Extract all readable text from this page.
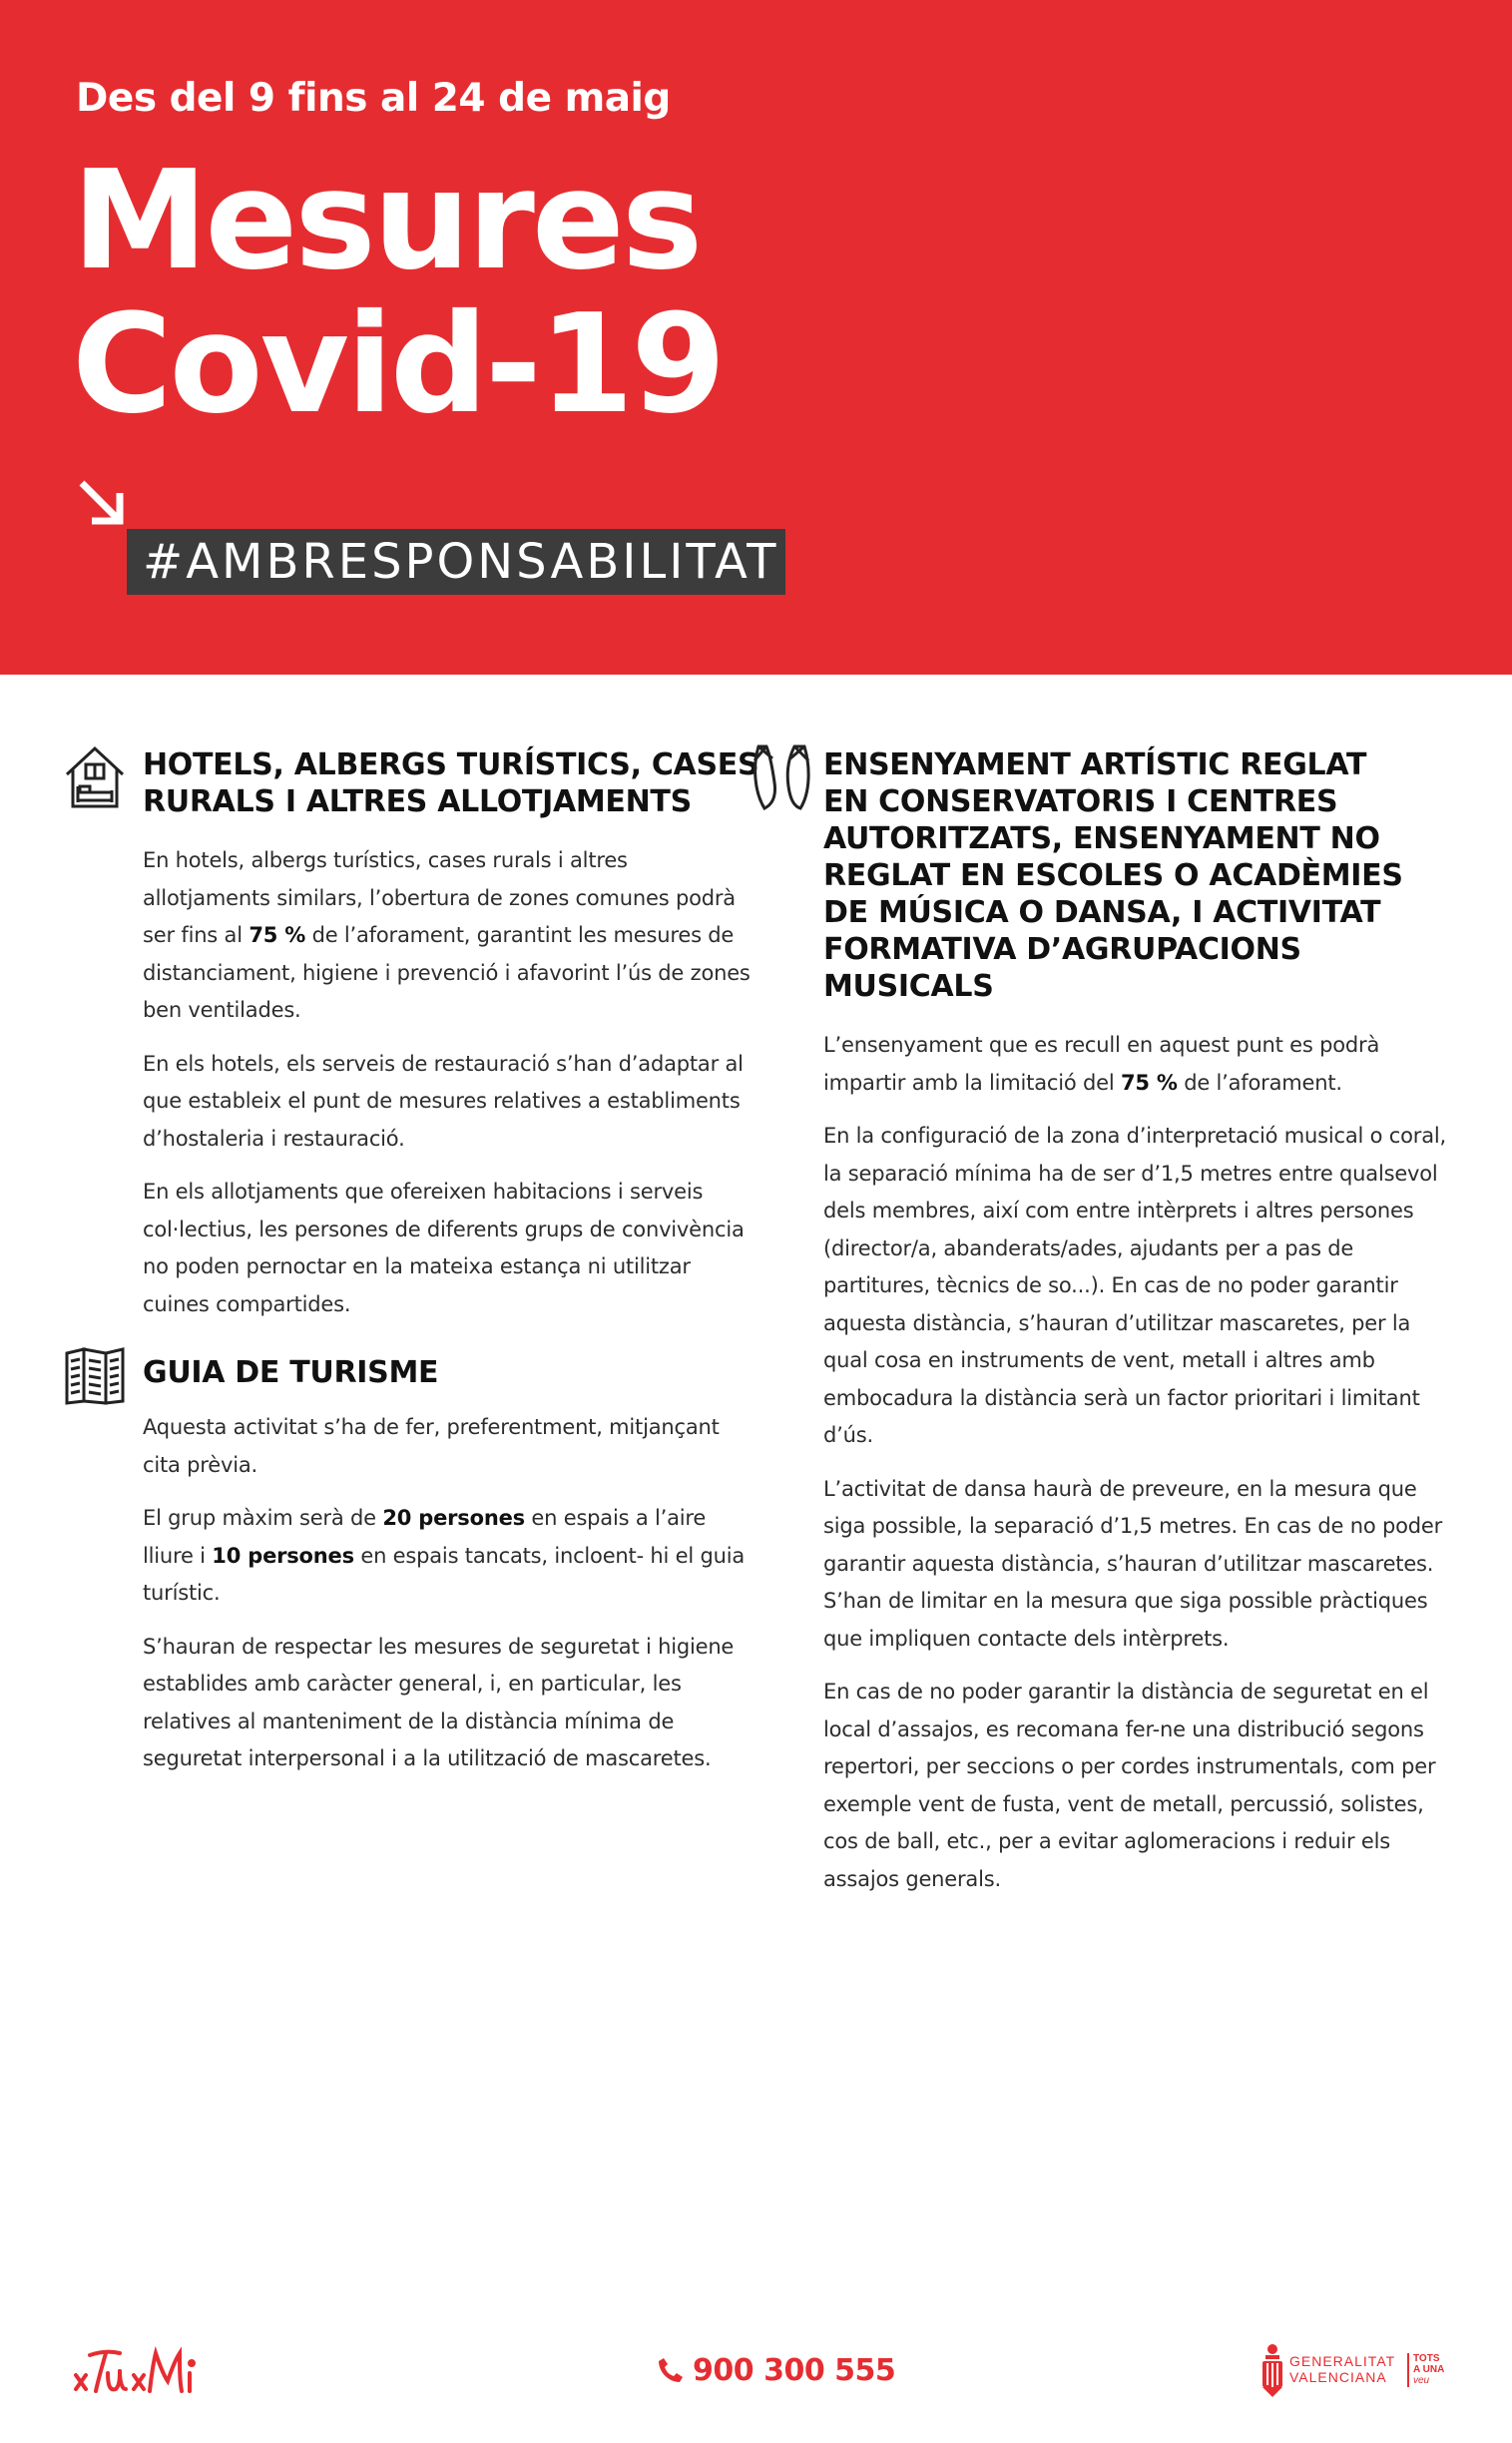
Des del 9 fins al 24 de maig
Mesures
Covid-19
#AMBRESPONSABILITAT
HOTELS, ALBERGS TURÍSTICS, CASES
RURALS I ALTRES ALLOTJAMENTS

En hotels, albergs turístics, cases rurals i altres allotjaments similars, l’obertura de zones comunes podrà ser fins al 75 % de l’aforament, garantint les mesures de distanciament, higiene i prevenció i afavorint l’ús de zones ben ventilades.

En els hotels, els serveis de restauració s’han d’adaptar al que estableix el punt de mesures relatives a establiments d’hostaleria i restauració.

En els allotjaments que ofereixen habitacions i serveis col·lectius, les persones de diferents grups de convivència no poden pernoctar en la mateixa estança ni utilitzar cuines compartides.

GUIA DE TURISME

Aquesta activitat s’ha de fer, preferentment, mitjançant cita prèvia.

El grup màxim serà de 20 persones en espais a l’aire lliure i 10 persones en espais tancats, incloent- hi el guia turístic.

S’hauran de respectar les mesures de seguretat i higiene establides amb caràcter general, i, en particular, les relatives al manteniment de la distància mínima de seguretat interpersonal i a la utilització de mascaretes.

ENSENYAMENT ARTÍSTIC REGLAT
EN CONSERVATORIS I CENTRES
AUTORITZATS, ENSENYAMENT NO
REGLAT EN ESCOLES O ACADÈMIES
DE MÚSICA O DANSA, I ACTIVITAT
FORMATIVA D’AGRUPACIONS
MUSICALS

L’ensenyament que es recull en aquest punt es podrà impartir amb la limitació del 75 % de l’aforament.

En la configuració de la zona d’interpretació musical o coral, la separació mínima ha de ser d’1,5 metres entre qualsevol dels membres, així com entre intèrprets i altres persones (director/a, abanderats/ades, ajudants per a pas de partitures, tècnics de so...). En cas de no poder garantir aquesta distància, s’hauran d’utilitzar mascaretes, per la qual cosa en instruments de vent, metall i altres amb embocadura la distància serà un factor prioritari i limitant d’ús.

L’activitat de dansa haurà de preveure, en la mesura que siga possible, la separació d’1,5 metres. En cas de no poder garantir aquesta distància, s’hauran d’utilitzar mascaretes. S’han de limitar en la mesura que siga possible pràctiques que impliquen contacte dels intèrprets.

En cas de no poder garantir la distància de seguretat en el local d’assajos, es recomana fer-ne una distribució segons repertori, per seccions o per cordes instrumentals, com per exemple vent de fusta, vent de metall, percussió, solistes, cos de ball, etc., per a evitar aglomeracions i reduir els assajos generals.

xTuxMi
900 300 555	GENERALITAT
VALENCIANA
TOTS
A UNA
veu
